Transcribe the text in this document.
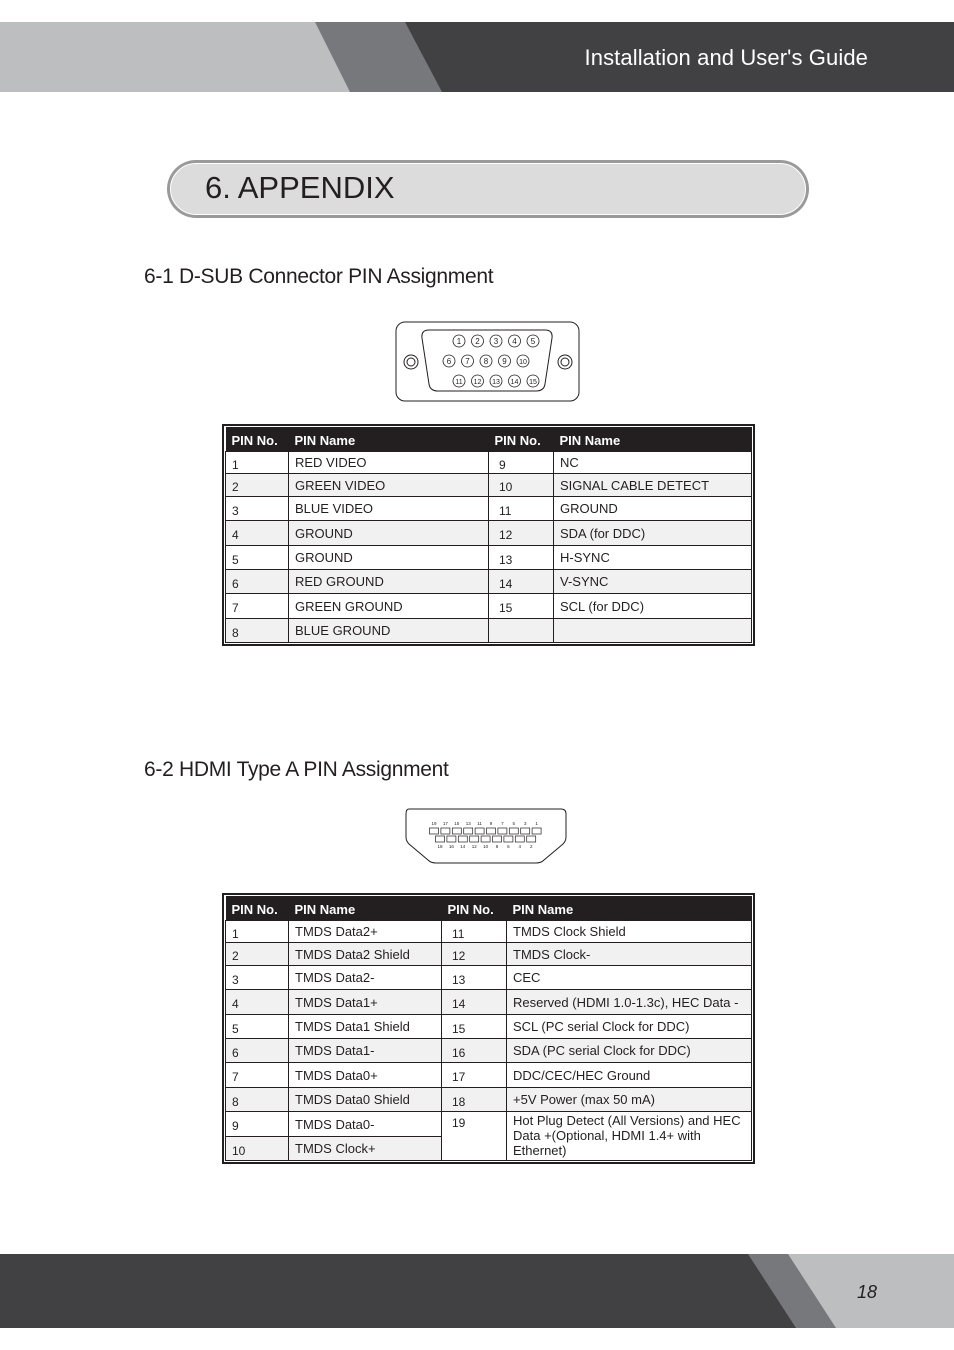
Installation and User's Guide
6. APPENDIX
6-1 D-SUB Connector PIN Assignment
1 2 3 4 5
6 7 8 9 10
11 12 13 14 15
PIN No.	PIN Name	PIN No.	PIN Name
1	RED VIDEO	9	NC
2	GREEN VIDEO	10	SIGNAL CABLE DETECT
3	BLUE VIDEO	11	GROUND
4	GROUND	12	SDA (for DDC)
5	GROUND	13	H-SYNC
6	RED GROUND	14	V-SYNC
7	GREEN GROUND	15	SCL (for DDC)
8	BLUE GROUND		
6-2 HDMI Type A PIN Assignment
19 17 15 13 11 9 7 5 3 1
18 16 14 12 10 8 6 4 2
PIN No.	PIN Name	PIN No.	PIN Name
1	TMDS Data2+	11	TMDS Clock Shield
2	TMDS Data2 Shield	12	TMDS Clock-
3	TMDS Data2-	13	CEC
4	TMDS Data1+	14	Reserved (HDMI 1.0-1.3c), HEC Data -
5	TMDS Data1 Shield	15	SCL (PC serial Clock for DDC)
6	TMDS Data1-	16	SDA (PC serial Clock for DDC)
7	TMDS Data0+	17	DDC/CEC/HEC Ground
8	TMDS Data0 Shield	18	+5V Power (max 50 mA)
9	TMDS Data0-	19	Hot Plug Detect (All Versions) and HEC Data +(Optional, HDMI 1.4+ with Ethernet)
10	TMDS Clock+		
18
